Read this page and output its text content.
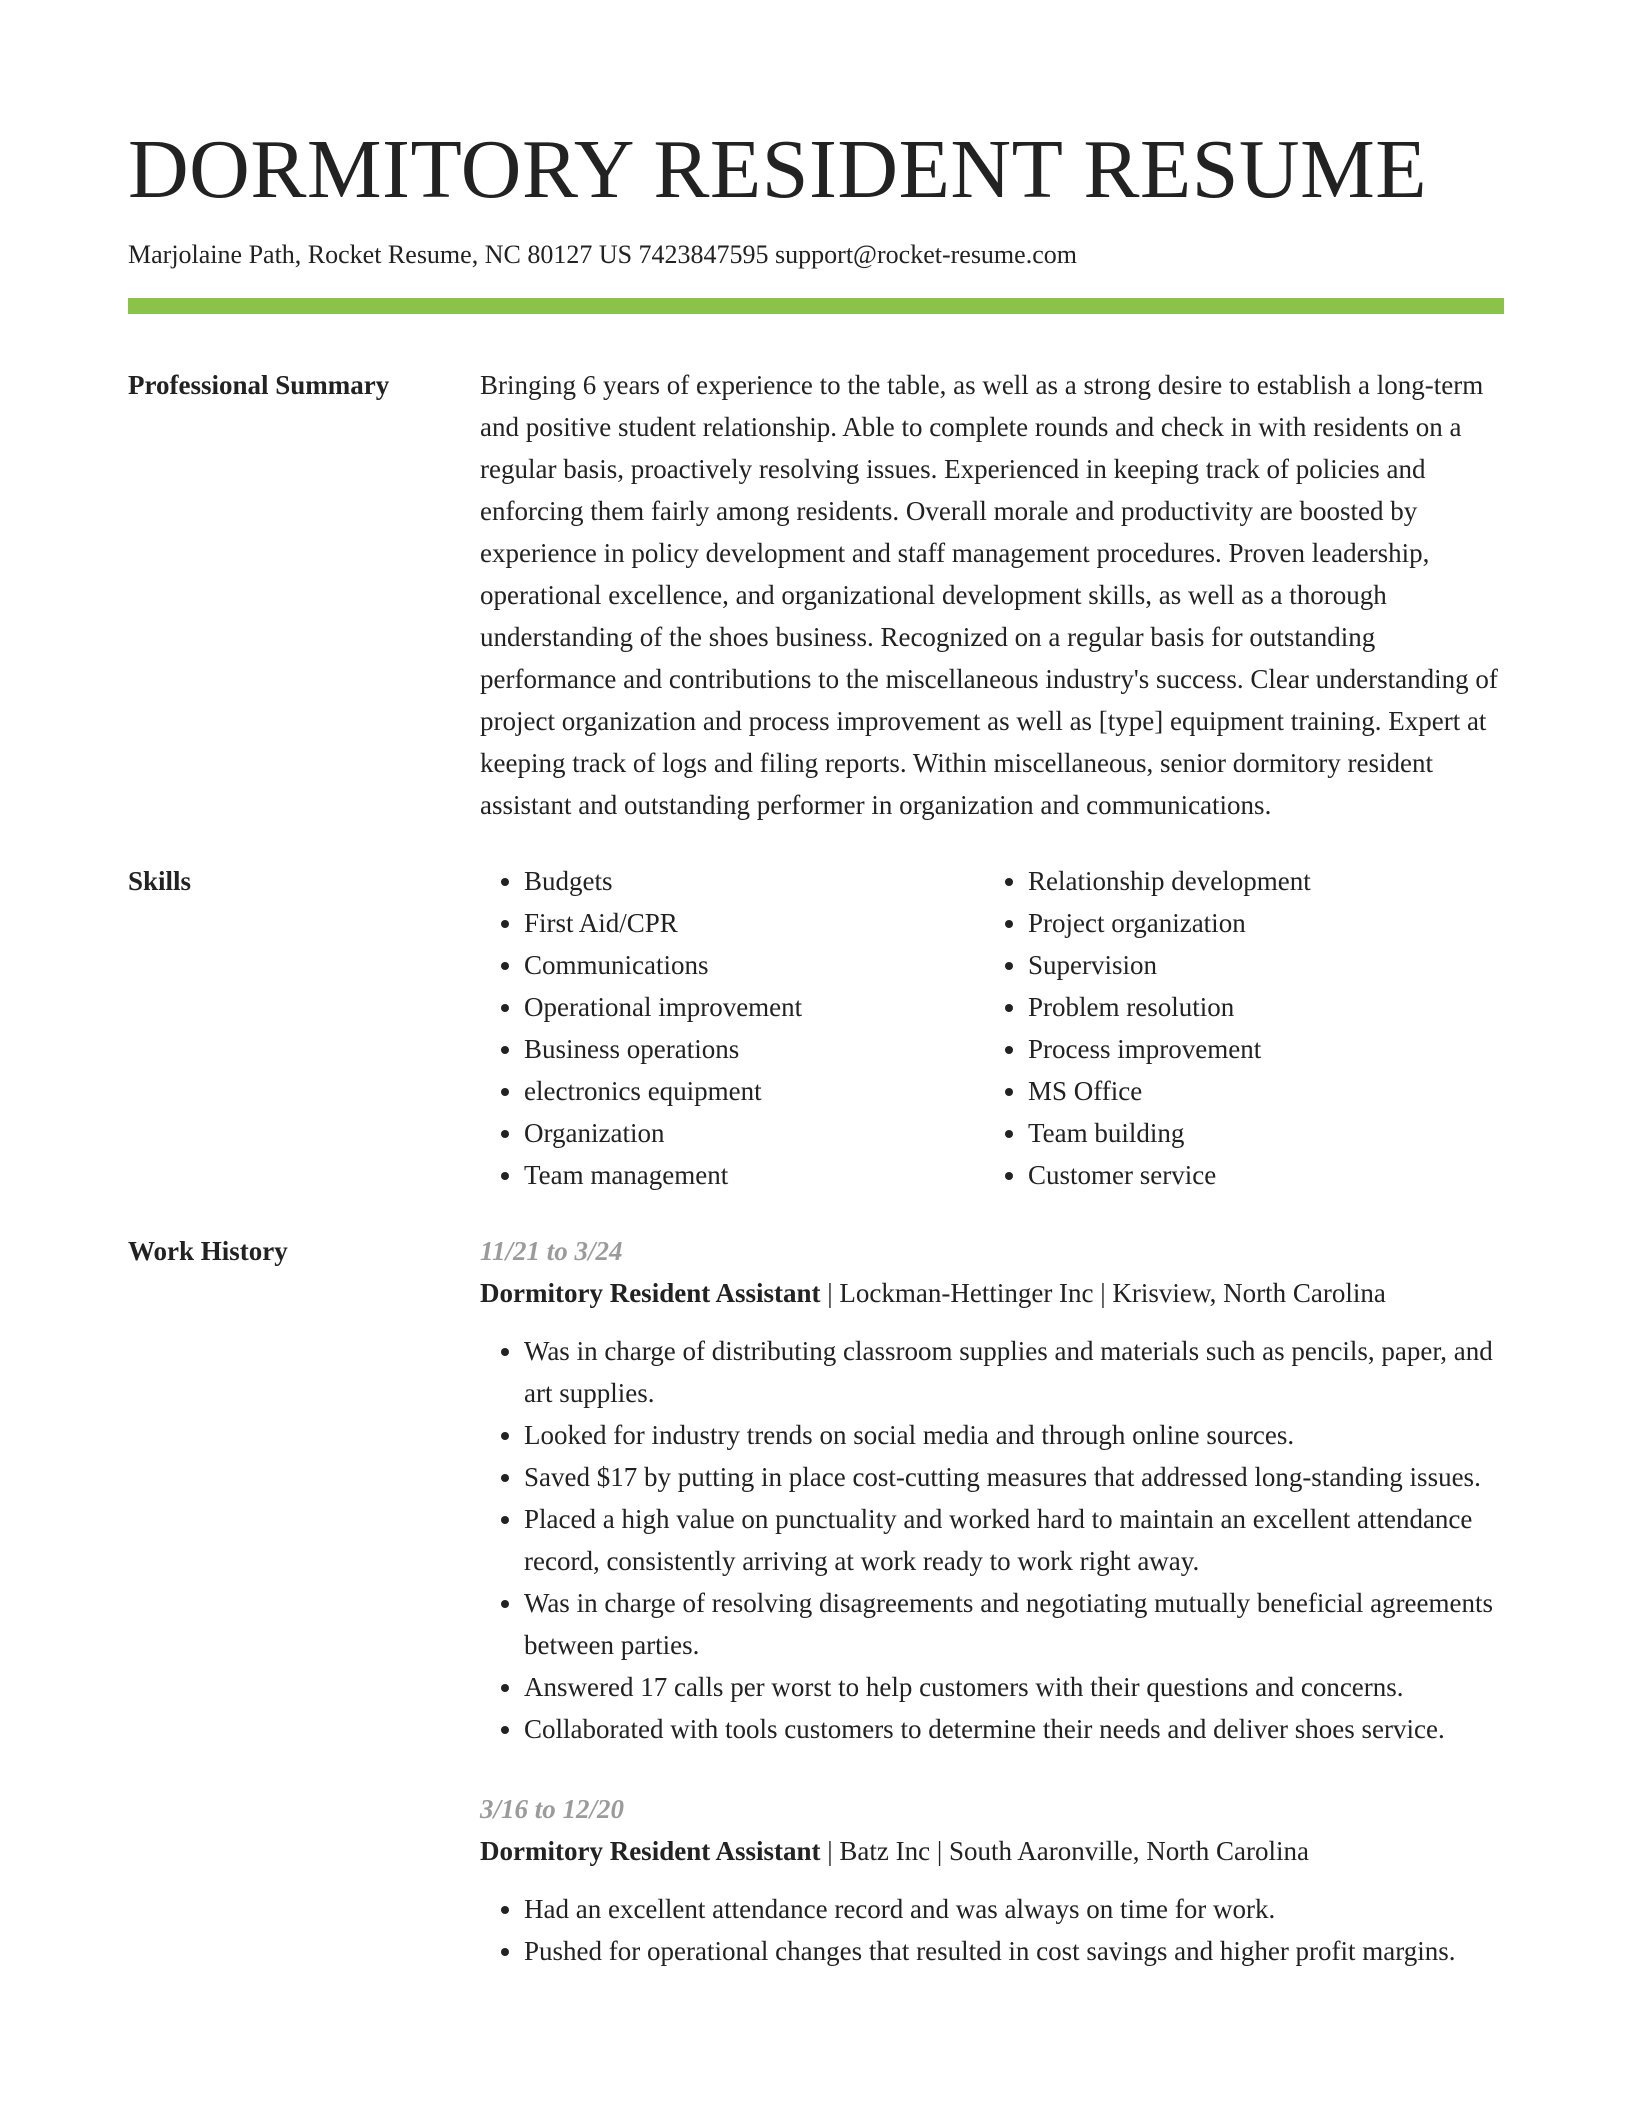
DORMITORY RESIDENT RESUME
Marjolaine Path, Rocket Resume, NC 80127 US 7423847595 support@rocket-resume.com
Professional Summary	Bringing 6 years of experience to the table, as well as a strong desire to establish a long-term and positive student relationship. Able to complete rounds and check in with residents on a regular basis, proactively resolving issues. Experienced in keeping track of policies and enforcing them fairly among residents. Overall morale and productivity are boosted by experience in policy development and staff management procedures. Proven leadership, operational excellence, and organizational development skills, as well as a thorough understanding of the shoes business. Recognized on a regular basis for outstanding performance and contributions to the miscellaneous industry's success. Clear understanding of project organization and process improvement as well as [type] equipment training. Expert at keeping track of logs and filing reports. Within miscellaneous, senior dormitory resident assistant and outstanding performer in organization and communications.
Skills
•	Budgets
• First Aid/CPR
• Communications
• Operational improvement
• Business operations
• electronics equipment
• Organization
• Team management
• Relationship development
• Project organization
• Supervision
• Problem resolution
• Process improvement
• MS Office
• Team building
• Customer service
Work History	11/21 to 3/24
Dormitory Resident Assistant | Lockman-Hettinger Inc | Krisview, North Carolina
• Was in charge of distributing classroom supplies and materials such as pencils, paper, and art supplies.
• Looked for industry trends on social media and through online sources.
• Saved $17 by putting in place cost-cutting measures that addressed long-standing issues.
• Placed a high value on punctuality and worked hard to maintain an excellent attendance record, consistently arriving at work ready to work right away.
• Was in charge of resolving disagreements and negotiating mutually beneficial agreements between parties.
• Answered 17 calls per worst to help customers with their questions and concerns.
• Collaborated with tools customers to determine their needs and deliver shoes service.
3/16 to 12/20
Dormitory Resident Assistant | Batz Inc | South Aaronville, North Carolina
• Had an excellent attendance record and was always on time for work.
• Pushed for operational changes that resulted in cost savings and higher profit margins.
